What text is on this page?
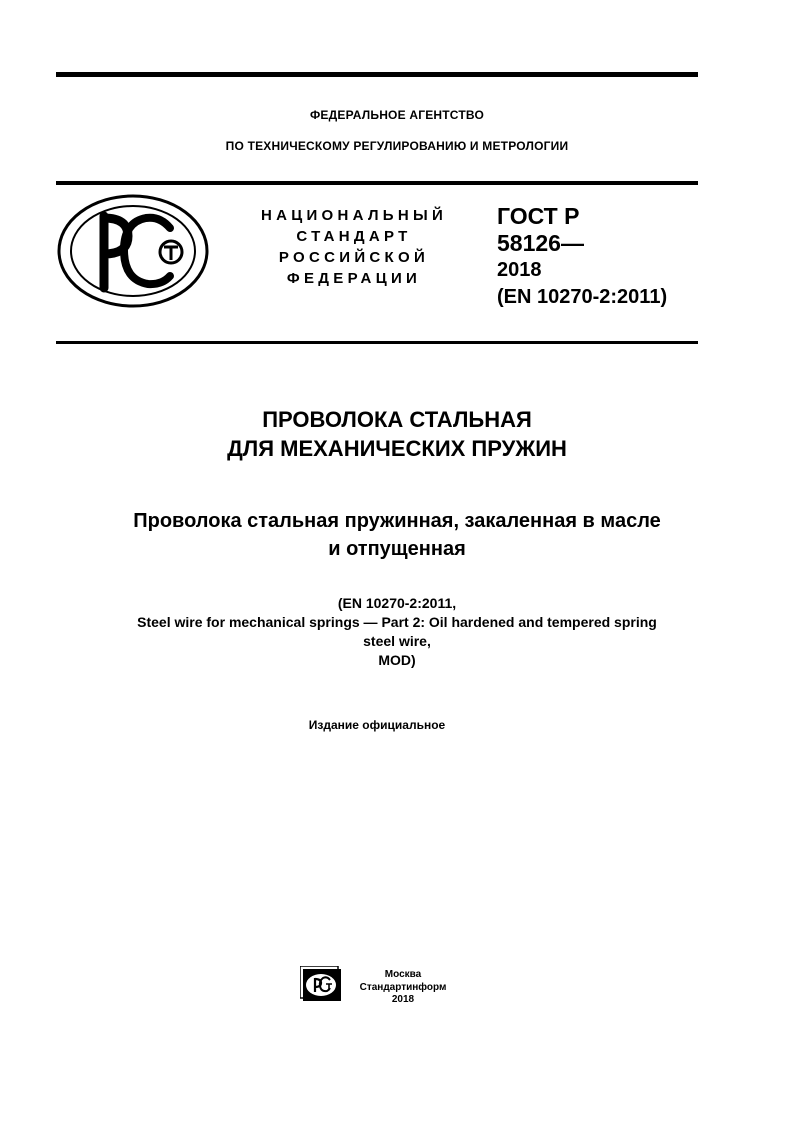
ФЕДЕРАЛЬНОЕ АГЕНТСТВО
ПО ТЕХНИЧЕСКОМУ РЕГУЛИРОВАНИЮ И МЕТРОЛОГИИ
НАЦИОНАЛЬНЫЙ
СТАНДАРТ
РОССИЙСКОЙ
ФЕДЕРАЦИИ
ГОСТ Р
58126—
2018
(EN 10270-2:2011)
ПРОВОЛОКА СТАЛЬНАЯ
ДЛЯ МЕХАНИЧЕСКИХ ПРУЖИН
Проволока стальная пружинная, закаленная в масле
и отпущенная
(EN 10270-2:2011,
Steel wire for mechanical springs — Part 2: Oil hardened and tempered spring
steel wire,
MOD)
Издание официальное
Москва
Стандартинформ
2018
